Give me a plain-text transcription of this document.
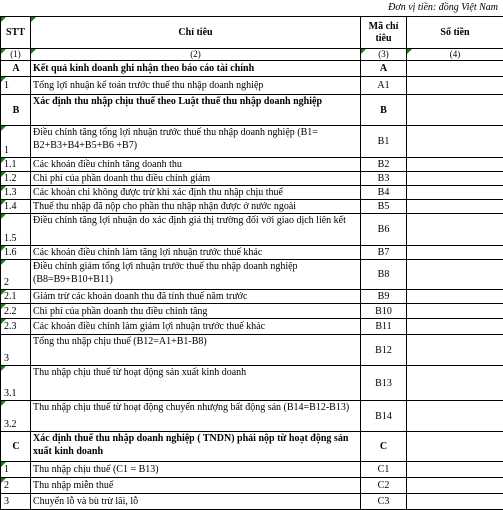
Đơn vị tiền: đồng Việt Nam
STT	Chỉ tiêu	Mã chỉ tiêu	Số tiền

(1)	(2)	(3)	(4)
A	Kết quả kinh doanh ghi nhận theo báo cáo tài chính	A	

1	Tổng lợi nhuận kế toán trước thuế thu nhập doanh nghiệp	A1	
B	Xác định thu nhập chịu thuế theo Luật thuế thu nhập doanh nghiệp	B	

1	Điều chỉnh tăng tổng lợi nhuận trước thuế thu nhập doanh nghiệp (B1= B2+B3+B4+B5+B6 +B7)	B1	

1.1	Các khoản điều chỉnh tăng doanh thu	B2	

1.2	Chi phí của phần doanh thu điều chỉnh giảm	B3	

1.3	Các khoản chi không được trừ khi xác định thu nhập chịu thuế	B4	

1.4	Thuế thu nhập đã nộp cho phần thu nhập nhận được ở nước ngoài	B5	

1.5	Điều chỉnh tăng lợi nhuận do xác định giá thị trường đối với giao dịch liên kết	B6	

1.6	Các khoản điều chỉnh làm tăng lợi nhuận trước thuế khác	B7	

2	Điều chỉnh giảm tổng lợi nhuận trước thuế thu nhập doanh nghiệp (B8=B9+B10+B11)	B8	

2.1	Giảm trừ các khoản doanh thu đã tính thuế năm trước	B9	

2.2	Chi phí của phần doanh thu điều chỉnh tăng	B10	

2.3	Các khoản điều chỉnh làm giảm lợi nhuận trước thuế khác	B11	
3	Tổng thu nhập chịu thuế (B12=A1+B1-B8)	B12	

3.1	Thu nhập chịu thuế từ hoạt động sản xuất kinh doanh	B13	

3.2	Thu nhập chịu thuế từ hoạt động chuyển nhượng bất động sản (B14=B12-B13)	B14	
C	Xác định thuế thu nhập doanh nghiệp ( TNDN) phải nộp từ hoạt động sản xuất kinh doanh	C	

1	Thu nhập chịu thuế (C1 = B13)	C1	

2	Thu nhập miễn thuế	C2	
3	Chuyển lỗ và bù trừ lãi, lỗ	C3	
